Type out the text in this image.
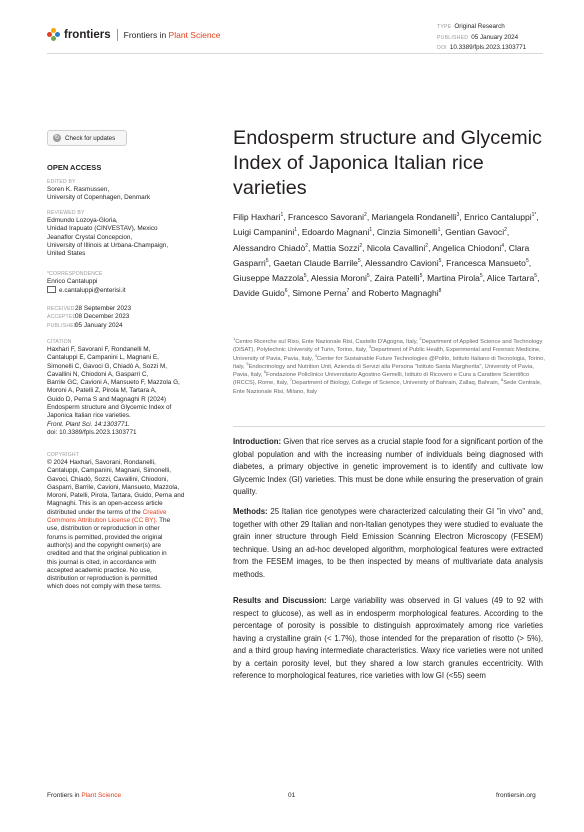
frontiers Frontiers in Plant Science
TYPE Original Research
PUBLISHED 05 January 2024
DOI 10.3389/fpls.2023.1303771
↻ Check for updates
OPEN ACCESS
EDITED BY
Soren K. Rasmussen,
University of Copenhagen, Denmark
REVIEWED BY
Edmundo Lozoya-Gloria,
Unidad Irapuato (CINVESTAV), Mexico
Jeanaflor Crystal Concepcion,
University of Illinois at Urbana-Champaign,
United States
*CORRESPONDENCE
Enrico Cantaluppi
e.cantaluppi@enterisi.it
RECEIVED28 September 2023
ACCEPTED08 December 2023
PUBLISHED05 January 2024
CITATION
Haxhari F, Savorani F, Rondanelli M,
Cantaluppi E, Campanini L, Magnani E,
Simonelli C, Gavoci G, Chiadò A, Sozzi M,
Cavallini N, Chiodoni A, Gasparri C,
Barrile GC, Cavioni A, Mansueto F, Mazzola G,
Moroni A, Patelli Z, Pirola M, Tartara A,
Guido D, Perna S and Magnaghi R (2024)
Endosperm structure and Glycemic Index of
Japonica Italian rice varieties.
Front. Plant Sci. 14:1303771.
doi: 10.3389/fpls.2023.1303771
COPYRIGHT
© 2024 Haxhari, Savorani, Rondanelli,
Cantaluppi, Campanini, Magnani, Simonelli,
Gavoci, Chiadò, Sozzi, Cavallini, Chiodoni,
Gasparri, Barrile, Cavioni, Mansueto, Mazzola,
Moroni, Patelli, Pirola, Tartara, Guido, Perna and
Magnaghi. This is an open-access article
distributed under the terms of the Creative
Commons Attribution License (CC BY). The
use, distribution or reproduction in other
forums is permitted, provided the original
author(s) and the copyright owner(s) are
credited and that the original publication in
this journal is cited, in accordance with
accepted academic practice. No use,
distribution or reproduction is permitted
which does not comply with these terms.
Endosperm structure and Glycemic Index of Japonica Italian rice varieties
Filip Haxhari$^1$, Francesco Savorani$^2$, Mariangela Rondanelli$^3$, Enrico Cantaluppi$^{1*}$, Luigi Campanini$^1$, Edoardo Magnani$^1$, Cinzia Simonelli$^1$, Gentian Gavoci$^2$, Alessandro Chiadò$^2$, Mattia Sozzi$^2$, Nicola Cavallini$^2$, Angelica Chiodoni$^4$, Clara Gasparri$^5$, Gaetan Claude Barrile$^5$, Alessandro Cavioni$^5$, Francesca Mansueto$^5$, Giuseppe Mazzola$^5$, Alessia Moroni$^5$, Zaira Patelli$^5$, Martina Pirola$^5$, Alice Tartara$^5$, Davide Guido$^6$, Simone Perna$^7$ and Roberto Magnaghi$^8$
$^1$Centro Ricerche sul Riso, Ente Nazionale Risi, Castello D'Agogna, Italy, $^2$Department of Applied Science and Technology (DISAT), Polytechnic University of Turin, Torino, Italy, $^3$Department of Public Health, Experimental and Forensic Medicine, University of Pavia, Pavia, Italy, $^4$Center for Sustainable Future Technologies @Polito, Istituto Italiano di Tecnologia, Torino, Italy, $^5$Endocrinology and Nutrition Unit, Azienda di Servizi alla Persona "Istituto Santa Margherita", University of Pavia, Pavia, Italy, $^6$Fondazione Policlinico Universitario Agostino Gemelli, Istituto di Ricovero e Cura a Carattere Scientifico (IRCCS), Rome, Italy, $^7$Department of Biology, College of Science, University of Bahrain, Zallaq, Bahrain, $^8$Sede Centrale, Ente Nazionale Risi, Milano, Italy
Introduction: Given that rice serves as a crucial staple food for a significant portion of the global population and with the increasing number of individuals being diagnosed with diabetes, a primary objective in genetic improvement is to identify and cultivate low Glycemic Index (GI) varieties. This must be done while ensuring the preservation of grain quality.
Methods: 25 Italian rice genotypes were characterized calculating their GI "in vivo" and, together with other 29 Italian and non-Italian genotypes they were studied to evaluate the grain inner structure through Field Emission Scanning Electron Microscopy (FESEM) technique. Using an ad-hoc developed algorithm, morphological features were extracted from the FESEM images, to be then inspected by means of multivariate data analysis methods.
Results and Discussion: Large variability was observed in GI values (49 to 92 with respect to glucose), as well as in endosperm morphological features. According to the percentage of porosity is possible to distinguish approximately among rice varieties having a crystalline grain (< 1.7%), those intended for the preparation of risotto (> 5%), and a third group having intermediate characteristics. Waxy rice varieties were not united by a certain porosity level, but they shared a low starch granules eccentricity. With reference to morphological features, rice varieties with low GI (<55) seem
Frontiers in Plant Science	01	frontiersin.org
